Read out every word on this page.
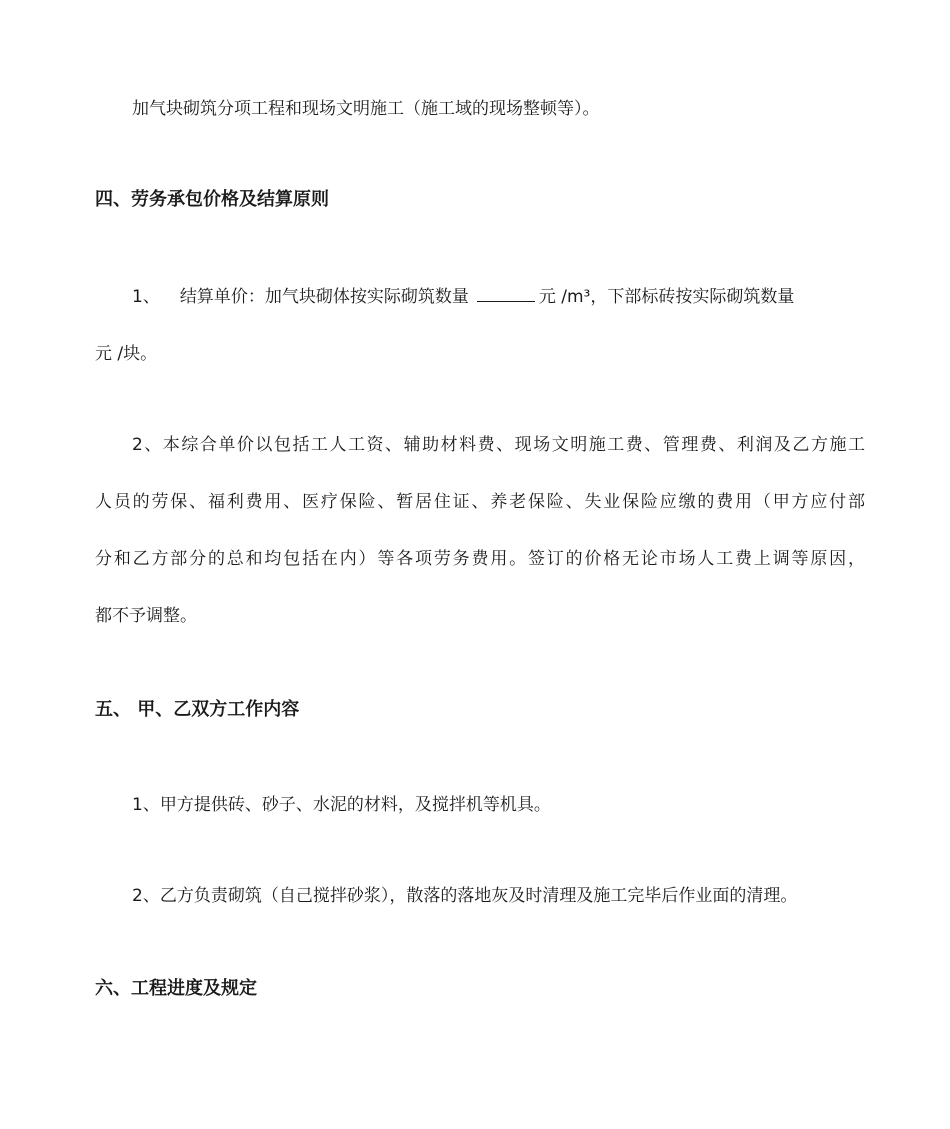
加气块砌筑分项工程和现场文明施工（施工域的现场整顿等）。
四、劳务承包价格及结算原则
1、 结算单价：加气块砌体按实际砌筑数量	元 /m³，下部标砖按实际砌筑数量
元 /块。
2、本综合单价以包括工人工资、辅助材料费、现场文明施工费、管理费、利润及乙方施工
人员的劳保、福利费用、医疗保险、暂居住证、养老保险、失业保险应缴的费用（甲方应付部
分和乙方部分的总和均包括在内）等各项劳务费用。签订的价格无论市场人工费上调等原因，
都不予调整。
五、 甲、乙双方工作内容
1、甲方提供砖、砂子、水泥的材料，及搅拌机等机具。
2、乙方负责砌筑（自己搅拌砂浆），散落的落地灰及时清理及施工完毕后作业面的清理。
六、工程进度及规定
